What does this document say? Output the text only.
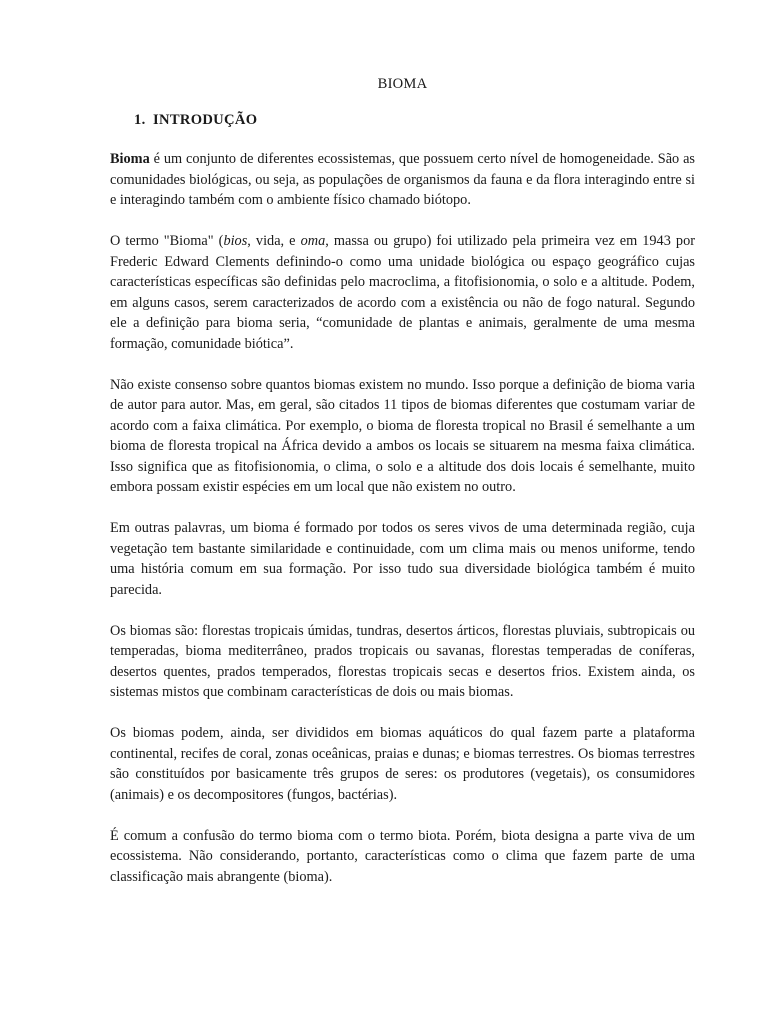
BIOMA
1. INTRODUÇÃO

Bioma é um conjunto de diferentes ecossistemas, que possuem certo nível de homogeneidade. São as comunidades biológicas, ou seja, as populações de organismos da fauna e da flora interagindo entre si e interagindo também com o ambiente físico chamado biótopo.

O termo "Bioma" (bios, vida, e oma, massa ou grupo) foi utilizado pela primeira vez em 1943 por Frederic Edward Clements definindo-o como uma unidade biológica ou espaço geográfico cujas características específicas são definidas pelo macroclima, a fitofisionomia, o solo e a altitude. Podem, em alguns casos, serem caracterizados de acordo com a existência ou não de fogo natural. Segundo ele a definição para bioma seria, “comunidade de plantas e animais, geralmente de uma mesma formação, comunidade biótica”.

Não existe consenso sobre quantos biomas existem no mundo. Isso porque a definição de bioma varia de autor para autor. Mas, em geral, são citados 11 tipos de biomas diferentes que costumam variar de acordo com a faixa climática. Por exemplo, o bioma de floresta tropical no Brasil é semelhante a um bioma de floresta tropical na África devido a ambos os locais se situarem na mesma faixa climática. Isso significa que as fitofisionomia, o clima, o solo e a altitude dos dois locais é semelhante, muito embora possam existir espécies em um local que não existem no outro.

Em outras palavras, um bioma é formado por todos os seres vivos de uma determinada região, cuja vegetação tem bastante similaridade e continuidade, com um clima mais ou menos uniforme, tendo uma história comum em sua formação. Por isso tudo sua diversidade biológica também é muito parecida.

Os biomas são: florestas tropicais úmidas, tundras, desertos árticos, florestas pluviais, subtropicais ou temperadas, bioma mediterrâneo, prados tropicais ou savanas, florestas temperadas de coníferas, desertos quentes, prados temperados, florestas tropicais secas e desertos frios. Existem ainda, os sistemas mistos que combinam características de dois ou mais biomas.

Os biomas podem, ainda, ser divididos em biomas aquáticos do qual fazem parte a plataforma continental, recifes de coral, zonas oceânicas, praias e dunas; e biomas terrestres. Os biomas terrestres são constituídos por basicamente três grupos de seres: os produtores (vegetais), os consumidores (animais) e os decompositores (fungos, bactérias).

É comum a confusão do termo bioma com o termo biota. Porém, biota designa a parte viva de um ecossistema. Não considerando, portanto, características como o clima que fazem parte de uma classificação mais abrangente (bioma).
